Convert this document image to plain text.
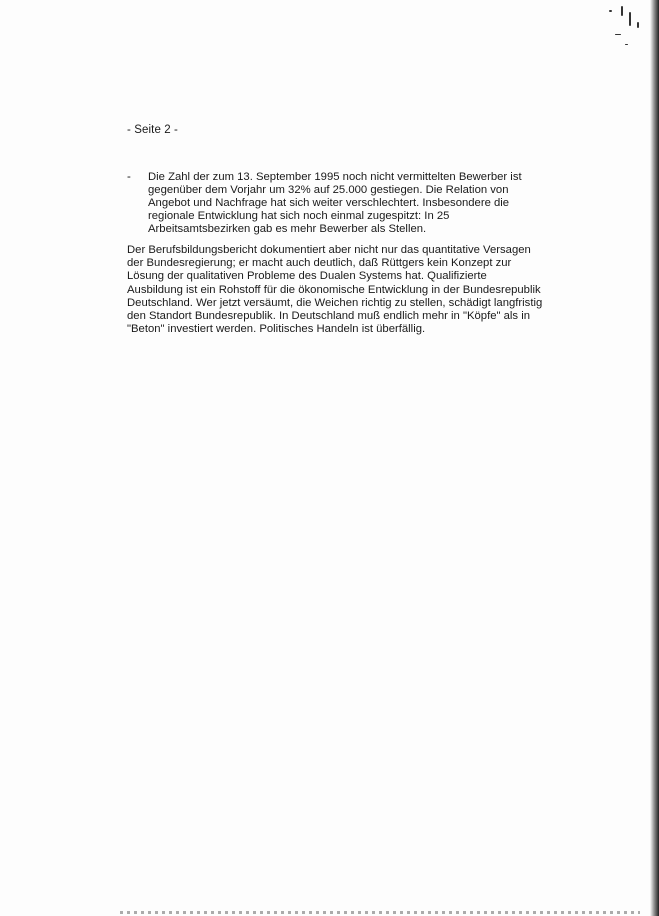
- Seite 2 -
- Die Zahl der zum 13. September 1995 noch nicht vermittelten Bewerber ist
gegenüber dem Vorjahr um 32% auf 25.000 gestiegen. Die Relation von
Angebot und Nachfrage hat sich weiter verschlechtert. Insbesondere die
regionale Entwicklung hat sich noch einmal zugespitzt: In 25
Arbeitsamtsbezirken gab es mehr Bewerber als Stellen.
Der Berufsbildungsbericht dokumentiert aber nicht nur das quantitative Versagen
der Bundesregierung; er macht auch deutlich, daß Rüttgers kein Konzept zur
Lösung der qualitativen Probleme des Dualen Systems hat. Qualifizierte
Ausbildung ist ein Rohstoff für die ökonomische Entwicklung in der Bundesrepublik
Deutschland. Wer jetzt versäumt, die Weichen richtig zu stellen, schädigt langfristig
den Standort Bundesrepublik. In Deutschland muß endlich mehr in "Köpfe" als in
"Beton" investiert werden. Politisches Handeln ist überfällig.
